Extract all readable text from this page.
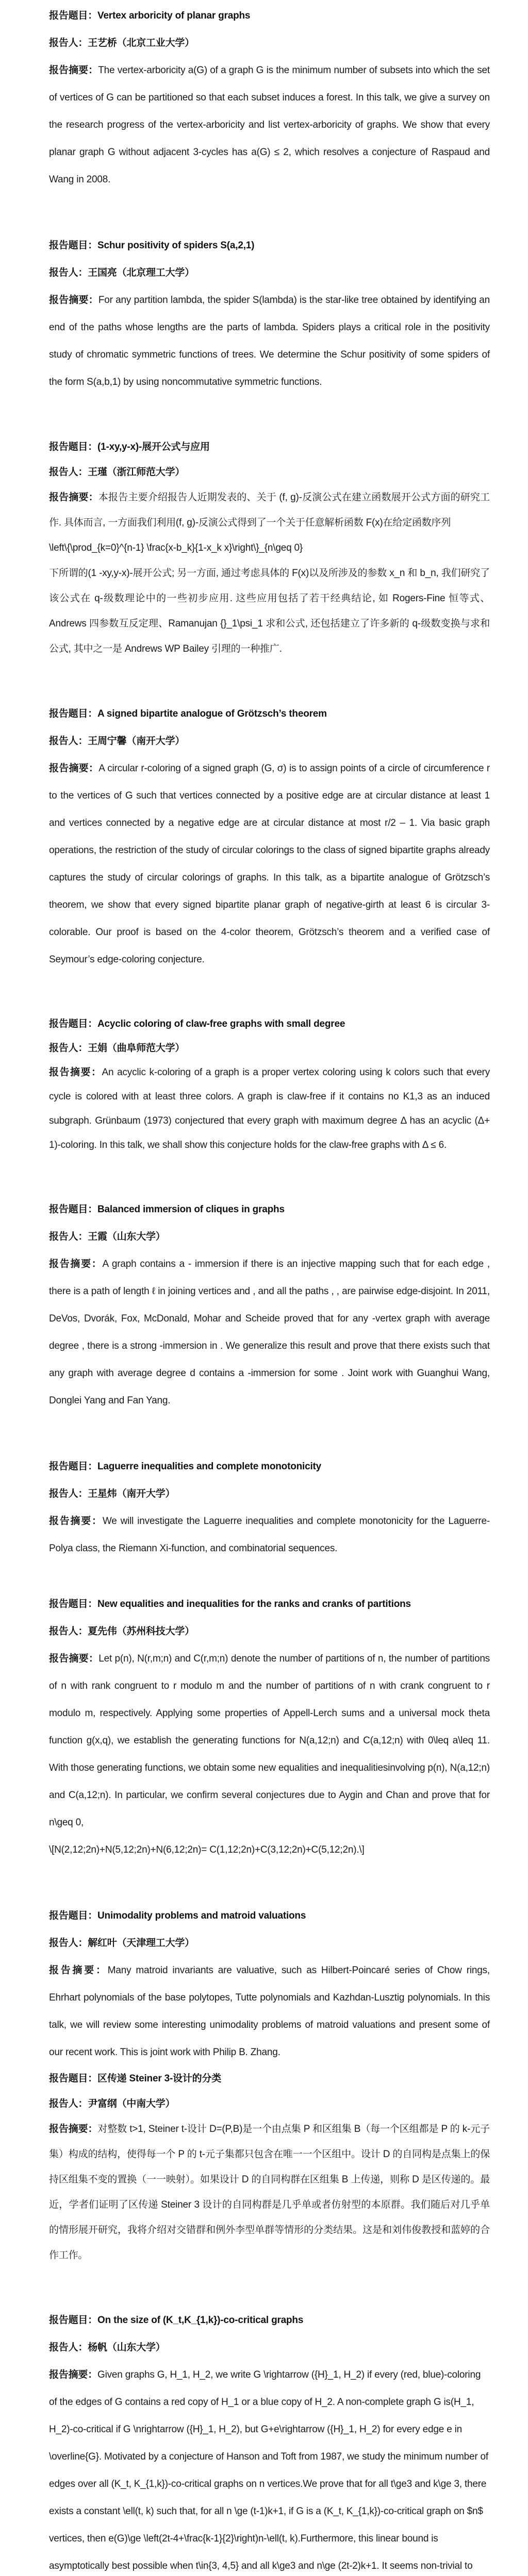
报告题目：Vertex arboricity of planar graphs
报告人：王艺桥（北京工业大学）
报告摘要：The vertex-arboricity a(G) of a graph G is the minimum number of subsets into which the set of vertices of G can be partitioned so that each subset induces a forest. In this talk, we give a survey on the research progress of the vertex-arboricity and list vertex-arboricity of graphs. We show that every planar graph G without adjacent 3-cycles has a(G) ≤ 2, which resolves a conjecture of Raspaud and Wang in 2008.
报告题目：Schur positivity of spiders S(a,2,1)
报告人：王国亮（北京理工大学）
报告摘要：For any partition lambda, the spider S(lambda) is the star-like tree obtained by identifying an end of the paths whose lengths are the parts of lambda. Spiders plays a critical role in the positivity study of chromatic symmetric functions of trees. We determine the Schur positivity of some spiders of the form S(a,b,1) by using noncommutative symmetric functions.
报告题目：(1-xy,y-x)-展开公式与应用
报告人：王瑾（浙江师范大学）
报告摘要：本报告主要介绍报告人近期发表的、关于 (f, g)-反演公式在建立函数展开公式方面的研究工作. 具体而言, 一方面我们利用(f, g)-反演公式得到了一个关于任意解析函数 F(x)在给定函数序列
\left\{\prod_{k=0}^{n-1} \frac{x-b_k}{1-x_k x}\right\}_{n\geq 0}
下所谓的(1 -xy,y-x)-展开公式; 另一方面, 通过考虑具体的 F(x)以及所涉及的参数 x_n 和 b_n, 我们研究了该公式在 q-级数理论中的一些初步应用. 这些应用包括了若干经典结论, 如 Rogers-Fine 恒等式、Andrews 四参数互反定理、Ramanujan {}_1\psi_1 求和公式, 还包括建立了许多新的 q-级数变换与求和公式, 其中之一是 Andrews WP Bailey 引理的一种推广.
报告题目：A signed bipartite analogue of Grötzsch’s theorem
报告人：王周宁馨（南开大学）
报告摘要：A circular r-coloring of a signed graph (G, σ) is to assign points of a circle of circumference r to the vertices of G such that vertices connected by a positive edge are at circular distance at least 1 and vertices connected by a negative edge are at circular distance at most r/2 – 1. Via basic graph operations, the restriction of the study of circular colorings to the class of signed bipartite graphs already captures the study of circular colorings of graphs. In this talk, as a bipartite analogue of Grötzsch’s theorem, we show that every signed bipartite planar graph of negative-girth at least 6 is circular 3-colorable. Our proof is based on the 4-color theorem, Grötzsch’s theorem and a verified case of Seymour’s edge-coloring conjecture.
报告题目：Acyclic coloring of claw-free graphs with small degree
报告人：王娟（曲阜师范大学）
报告摘要：An acyclic k-coloring of a graph is a proper vertex coloring using k colors such that every cycle is colored with at least three colors. A graph is claw-free if it contains no K1,3 as an induced subgraph. Grünbaum (1973) conjectured that every graph with maximum degree Δ has an acyclic (Δ+ 1)-coloring. In this talk, we shall show this conjecture holds for the claw-free graphs with Δ ≤ 6.
报告题目：Balanced immersion of cliques in graphs
报告人：王霞（山东大学）
报告摘要：A graph contains a - immersion if there is an injective mapping such that for each edge , there is a path of length ℓ in joining vertices and , and all the paths , , are pairwise edge-disjoint. In 2011, DeVos, Dvorák, Fox, McDonald, Mohar and Scheide proved that for any -vertex graph with average degree , there is a strong -immersion in . We generalize this result and prove that there exists such that any graph with average degree d contains a -immersion for some . Joint work with Guanghui Wang, Donglei Yang and Fan Yang.
报告题目：Laguerre inequalities and complete monotonicity
报告人：王星炜（南开大学）
报告摘要：We will investigate the Laguerre inequalities and complete monotonicity for the Laguerre-Polya class, the Riemann Xi-function, and combinatorial sequences.
报告题目：New equalities and inequalities for the ranks and cranks of partitions
报告人：夏先伟（苏州科技大学）
报告摘要：Let p(n), N(r,m;n) and C(r,m;n) denote the number of partitions of n, the number of partitions of n with rank congruent to r modulo m and the number of partitions of n with crank congruent to r modulo m, respectively. Applying some properties of Appell-Lerch sums and a universal mock theta function g(x,q), we establish the generating functions for N(a,12;n) and C(a,12;n) with 0\leq a\leq 11. With those generating functions, we obtain some new equalities and inequalitiesinvolving p(n), N(a,12;n) and C(a,12;n). In particular, we confirm several conjectures due to Aygin and Chan and prove that for n\geq 0,
\[N(2,12;2n)+N(5,12;2n)+N(6,12;2n)= C(1,12;2n)+C(3,12;2n)+C(5,12;2n).\]
报告题目：Unimodality problems and matroid valuations
报告人：解红叶（天津理工大学）
报告摘要：Many matroid invariants are valuative, such as Hilbert-Poincaré series of Chow rings, Ehrhart polynomials of the base polytopes, Tutte polynomials and Kazhdan-Lusztig polynomials. In this talk, we will review some interesting unimodality problems of matroid valuations and present some of our recent work. This is joint work with Philip B. Zhang.
报告题目：区传递 Steiner 3-设计的分类
报告人：尹富纲（中南大学）
报告摘要：对整数 t>1, Steiner t-设计 D=(P,B)是一个由点集 P 和区组集 B（每一个区组都是 P 的 k-元子集）构成的结构，使得每一个 P 的 t-元子集都只包含在唯一一个区组中。设计 D 的自同构是点集上的保持区组集不变的置换（一一映射）。如果设计 D 的自同构群在区组集 B 上传递，则称 D 是区传递的。最近，学者们证明了区传递 Steiner 3 设计的自同构群是几乎单或者仿射型的本原群。我们随后对几乎单的情形展开研究，我将介绍对交错群和例外李型单群等情形的分类结果。这是和刘伟俊教授和蓝婷的合作工作。
报告题目：On the size of (K_t,K_{1,k})-co-critical graphs
报告人：杨帆（山东大学）
报告摘要：Given graphs G, H_1, H_2, we write G \rightarrow ({H}_1, H_2) if every (red, blue)-coloring of the edges of G contains a red copy of H_1 or a blue copy of H_2. A non-complete graph G is(H_1, H_2)-co-critical if G \nrightarrow ({H}_1, H_2), but G+e\rightarrow ({H}_1, H_2) for every edge e in \overline{G}. Motivated by a conjecture of Hanson and Toft from 1987, we study the minimum number of edges over all (K_t, K_{1,k})-co-critical graphs on n vertices.We prove that for all t\ge3 and k\ge 3, there exists a constant \ell(t, k) such that, for all n \ge (t-1)k+1, if G is a (K_t, K_{1,k})-co-critical graph on $n$ vertices, then e(G)\ge \left(2t-4+\frac{k-1}{2}\right)n-\ell(t, k).Furthermore, this linear bound is asymptotically best possible when t\in{3, 4,5} and all k\ge3 and n\ge (2t-2)k+1. It seems non-trivial to
